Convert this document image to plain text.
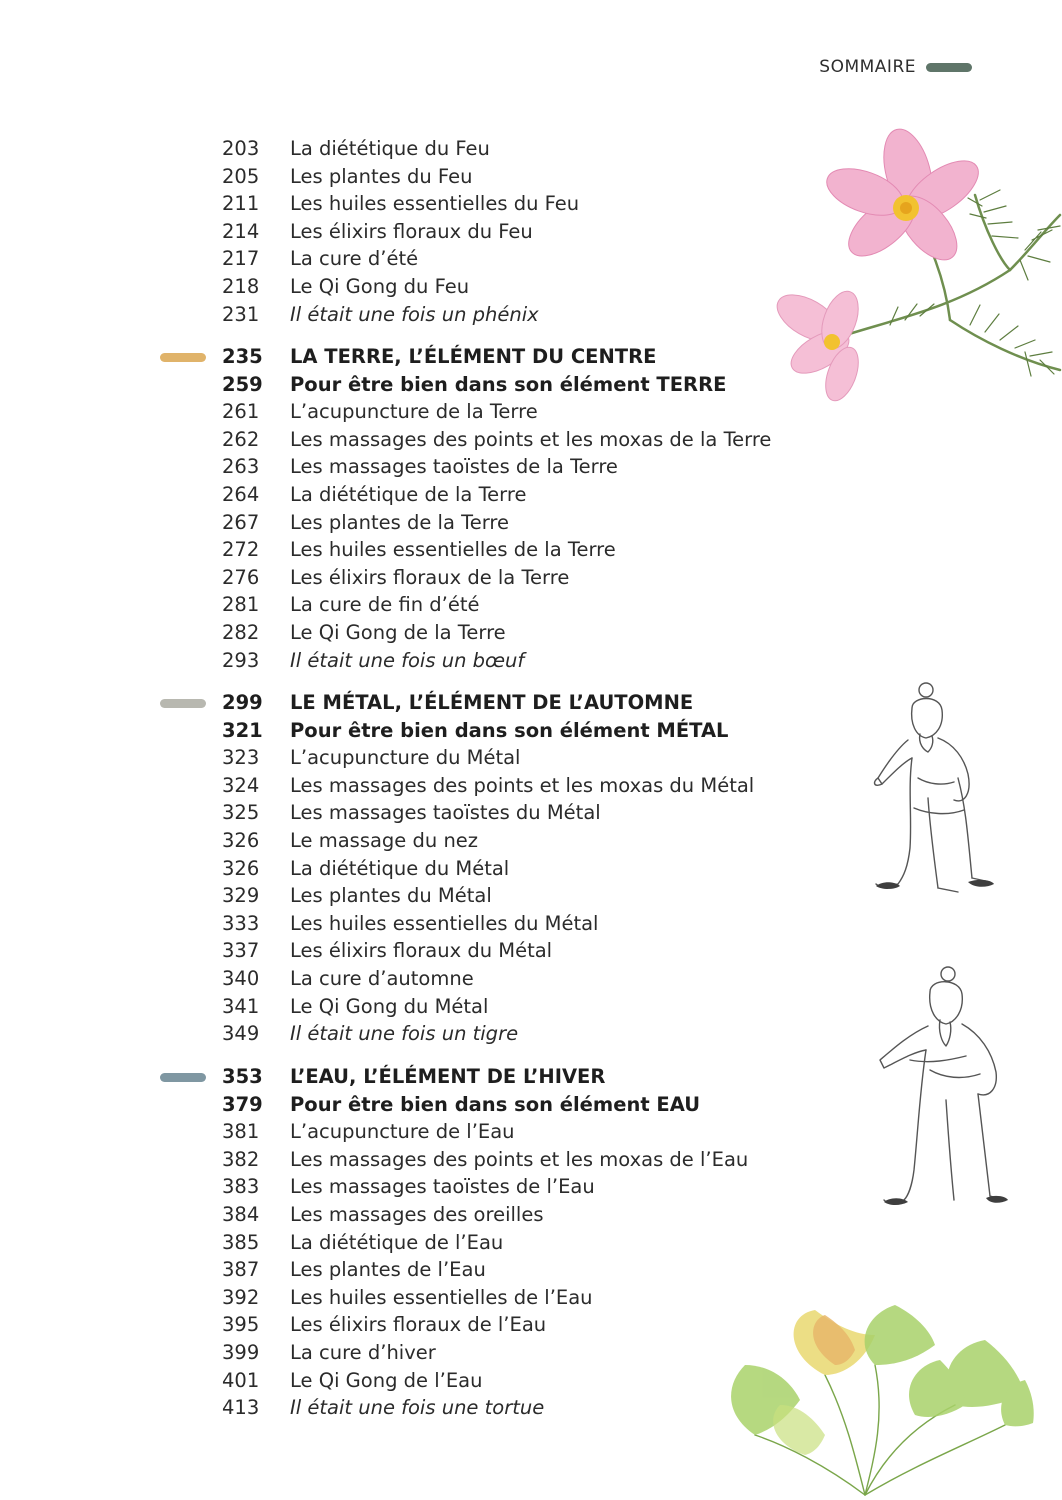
SOMMAIRE
203	La diététique du Feu
205	Les plantes du Feu
211	Les huiles essentielles du Feu
214	Les élixirs floraux du Feu
217	La cure d’été
218	Le Qi Gong du Feu
231	Il était une fois un phénix
235	LA TERRE, L’ÉLÉMENT DU CENTRE
259	Pour être bien dans son élément TERRE
261	L’acupuncture de la Terre
262	Les massages des points et les moxas de la Terre
263	Les massages taoïstes de la Terre
264	La diététique de la Terre
267	Les plantes de la Terre
272	Les huiles essentielles de la Terre
276	Les élixirs floraux de la Terre
281	La cure de fin d’été
282	Le Qi Gong de la Terre
293	Il était une fois un bœuf
299	LE MÉTAL, L’ÉLÉMENT DE L’AUTOMNE
321	Pour être bien dans son élément MÉTAL
323	L’acupuncture du Métal
324	Les massages des points et les moxas du Métal
325	Les massages taoïstes du Métal
326	Le massage du nez
326	La diététique du Métal
329	Les plantes du Métal
333	Les huiles essentielles du Métal
337	Les élixirs floraux du Métal
340	La cure d’automne
341	Le Qi Gong du Métal
349	Il était une fois un tigre
353	L’EAU, L’ÉLÉMENT DE L’HIVER
379	Pour être bien dans son élément EAU
381	L’acupuncture de l’Eau
382	Les massages des points et les moxas de l’Eau
383	Les massages taoïstes de l’Eau
384	Les massages des oreilles
385	La diététique de l’Eau
387	Les plantes de l’Eau
392	Les huiles essentielles de l’Eau
395	Les élixirs floraux de l’Eau
399	La cure d’hiver
401	Le Qi Gong de l’Eau
413	Il était une fois une tortue
